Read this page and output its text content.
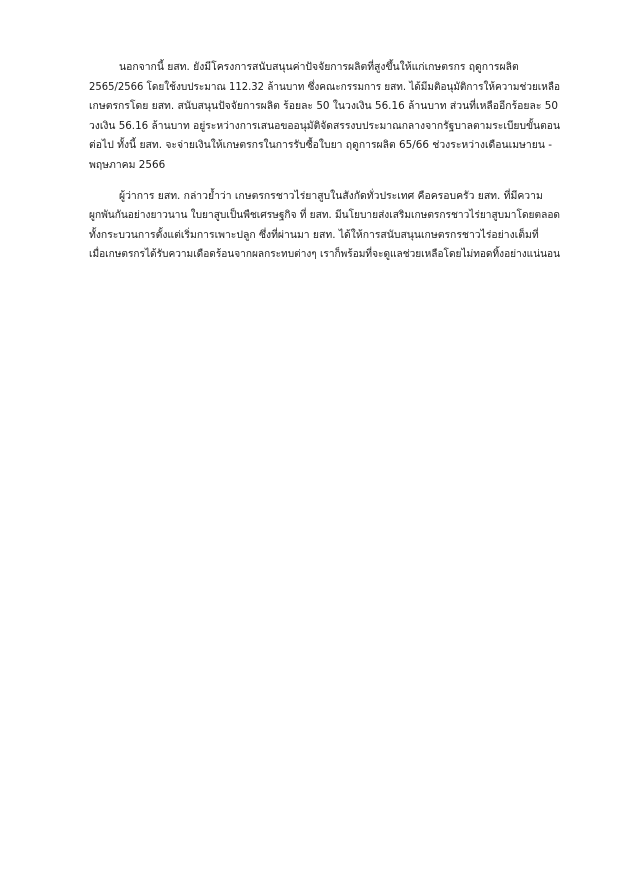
นอกจากนี้ ยสท. ยังมีโครงการสนับสนุนค่าปัจจัยการผลิตที่สูงขึ้นให้แก่เกษตรกร ฤดูการผลิต
2565/2566 โดยใช้งบประมาณ 112.32 ล้านบาท ซึ่งคณะกรรมการ ยสท. ได้มีมติอนุมัติการให้ความช่วยเหลือ
เกษตรกรโดย ยสท. สนับสนุนปัจจัยการผลิต ร้อยละ 50 ในวงเงิน 56.16 ล้านบาท ส่วนที่เหลืออีกร้อยละ 50
วงเงิน 56.16 ล้านบาท อยู่ระหว่างการเสนอขออนุมัติจัดสรรงบประมาณกลางจากรัฐบาลตามระเบียบขั้นตอน
ต่อไป ทั้งนี้ ยสท. จะจ่ายเงินให้เกษตรกรในการรับซื้อใบยา ฤดูการผลิต 65/66 ช่วงระหว่างเดือนเมษายน -
พฤษภาคม 2566
ผู้ว่าการ ยสท. กล่าวย้ำว่า เกษตรกรชาวไร่ยาสูบในสังกัดทั่วประเทศ คือครอบครัว ยสท. ที่มีความ
ผูกพันกันอย่างยาวนาน ใบยาสูบเป็นพืชเศรษฐกิจ ที่ ยสท. มีนโยบายส่งเสริมเกษตรกรชาวไร่ยาสูบมาโดยตลอด
ทั้งกระบวนการตั้งแต่เริ่มการเพาะปลูก ซึ่งที่ผ่านมา ยสท. ได้ให้การสนับสนุนเกษตรกรชาวไร่อย่างเต็มที่
เมื่อเกษตรกรได้รับความเดือดร้อนจากผลกระทบต่างๆ เราก็พร้อมที่จะดูแลช่วยเหลือโดยไม่ทอดทิ้งอย่างแน่นอน
